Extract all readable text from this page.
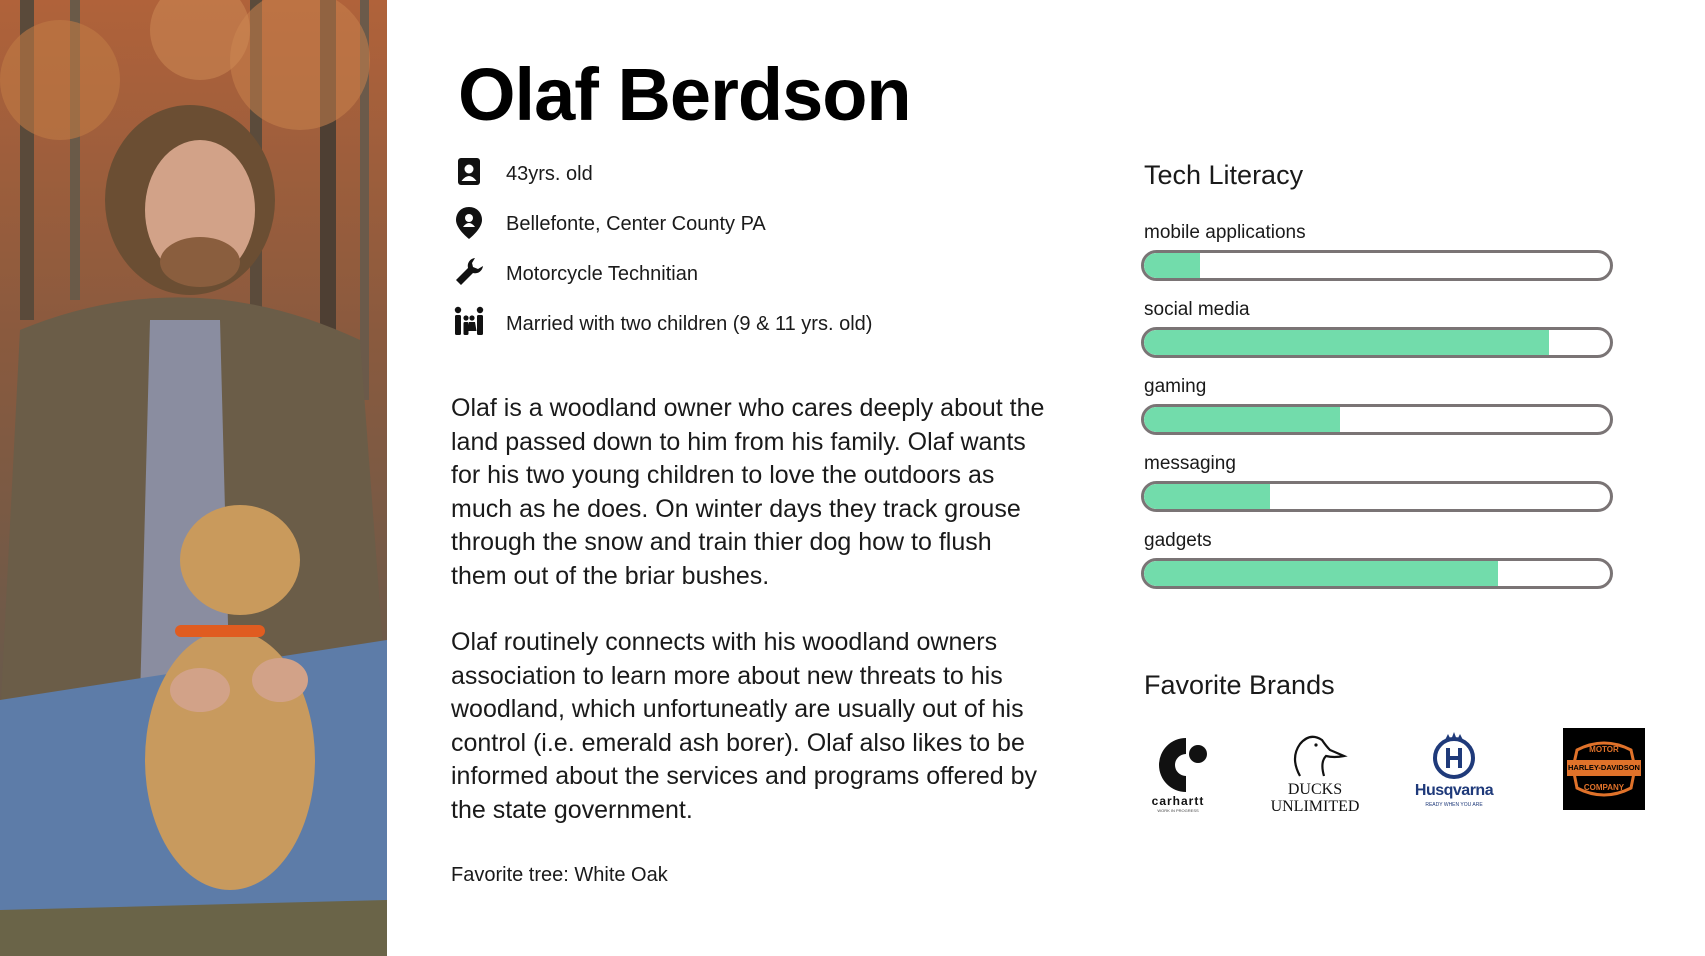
Olaf Berdson
43yrs. old
Bellefonte, Center County PA
Motorcycle Technitian
Married with two children (9 & 11 yrs. old)

Olaf is a woodland owner who cares deeply about the land passed down to him from his family. Olaf wants for his two young children to love the outdoors as much as he does. On winter days they track grouse through the snow and train thier dog how to flush them out of the briar bushes.

Olaf routinely connects with his woodland owners association to learn more about new threats to his woodland, which unfortuneatly are usually out of his control (i.e. emerald ash borer). Olaf also likes to be informed about the services and programs offered by the state government.

Favorite tree: White Oak
Tech Literacy
mobile applications
social media
gaming
messaging
gadgets
Favorite Brands
carhartt
WORK IN PROGRESS
DUCKS
UNLIMITED
Husqvarna
READY WHEN YOU ARE
MOTOR
HARLEY-DAVIDSON
COMPANY
